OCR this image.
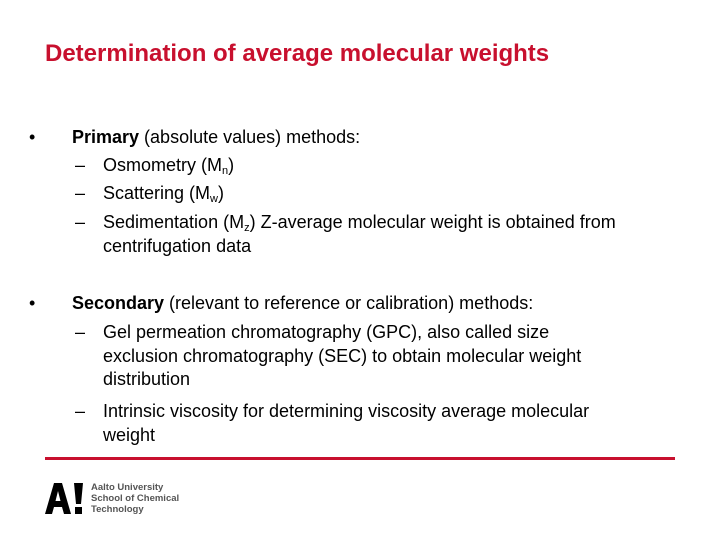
Determination of average molecular weights
• Primary (absolute values) methods:
– Osmometry $(M_n)$
– Scattering $(M_w)$
– Sedimentation $(M_z)$ Z-average molecular weight is obtained from
centrifugation data
• Secondary (relevant to reference or calibration) methods:
– Gel permeation chromatography (GPC), also called size
exclusion chromatography (SEC) to obtain molecular weight
distribution
– Intrinsic viscosity for determining viscosity average molecular
weight
Aalto University
School of Chemical
Technology
